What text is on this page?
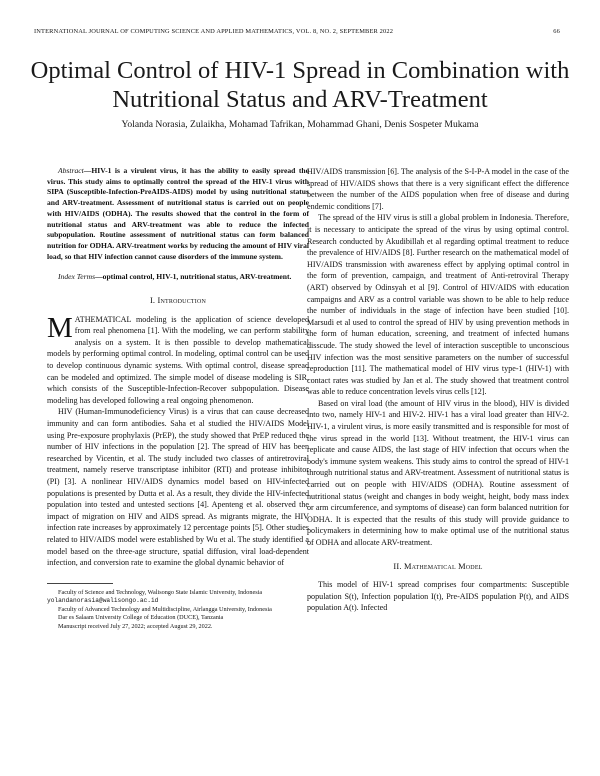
INTERNATIONAL JOURNAL OF COMPUTING SCIENCE AND APPLIED MATHEMATICS, VOL. 8, NO. 2, SEPTEMBER 2022	66
Optimal Control of HIV-1 Spread in Combination with Nutritional Status and ARV-Treatment
Yolanda Norasia, Zulaikha, Mohamad Tafrikan, Mohammad Ghani, Denis Sospeter Mukama

Abstract—HIV-1 is a virulent virus, it has the ability to easily spread the virus. This study aims to optimally control the spread of the HIV-1 virus with SIPA (Susceptible-Infection-PreAIDS-AIDS) model by using nutritional status and ARV-treatment. Assessment of nutritional status is carried out on people with HIV/AIDS (ODHA). The results showed that the control in the form of nutritional status and ARV-treatment was able to reduce the infected subpopulation. Routine assessment of nutritional status can form balanced nutrition for ODHA. ARV-treatment works by reducing the amount of HIV viral load, so that HIV infection cannot cause disorders of the immune system.

Index Terms—optimal control, HIV-1, nutritional status, ARV-treatment.

I. Introduction

MATHEMATICAL modeling is the application of science developed from real phenomena [1]. With the modeling, we can perform stability analysis on a system. It is then possible to develop mathematical models by performing optimal control. In modeling, optimal control can be used to develop continuous dynamic systems. With optimal control, disease spread can be modeled and optimized. The simple model of disease modeling is SIR, which consists of the Susceptible-Infection-Recover subpopulation. Disease modeling has developed following a real ongoing phenomenon.

HIV (Human-Immunodeficiency Virus) is a virus that can cause decreased immunity and can form antibodies. Saha et al studied the HIV/AIDS Model using Pre-exposure prophylaxis (PrEP), the study showed that PrEP reduced the number of HIV infections in the population [2]. The spread of HIV has been researched by Vicentin, et al. The study included two classes of antiretroviral treatment, namely reserve transcriptase inhibitor (RTI) and protease inhibitor (PI) [3]. A nonlinear HIV/AIDS dynamics model based on HIV-infected populations is presented by Dutta et al. As a result, they divide the HIV-infected population into tested and untested sections [4]. Apenteng et al. observed the impact of migration on HIV and AIDS spread. As migrants migrate, the HIV infection rate increases by approximately 12 percentage points [5]. Other studies related to HIV/AIDS model were established by Wu et al. The study identified a model based on the three-age structure, spatial diffusion, viral load-dependent infection, and conversion rate to examine the global dynamic behavior of

Faculty of Science and Technology, Walisongo State Islamic University, Indonesia yolandanorasia@walisongo.ac.id

Faculty of Advanced Technology and Multidiscipline, Airlangga University, Indonesia

Dar es Salaam University College of Education (DUCE), Tanzania

Manuscript received July 27, 2022; accepted August 29, 2022.

HIV/AIDS transmission [6]. The analysis of the S-I-P-A model in the case of the spread of HIV/AIDS shows that there is a very significant effect the difference between the number of the AIDS population when free of disease and during endemic conditions [7].

The spread of the HIV virus is still a global problem in Indonesia. Therefore, it is necessary to anticipate the spread of the virus by using optimal control. Research conducted by Akudibillah et al regarding optimal treatment to reduce the prevalence of HIV/AIDS [8]. Further research on the mathematical model of HIV/AIDS transmission with awareness effect by applying optimal control in the form of prevention, campaign, and treatment of Anti-retroviral Therapy (ART) observed by Odinsyah et al [9]. Control of HIV/AIDS with education campaigns and ARV as a control variable was shown to be able to help reduce the number of individuals in the stage of infection have been studied [10]. Marsudi et al used to control the spread of HIV by using prevention methods in the form of human education, screening, and treatment of infected humans disscude. The study showed the level of interaction susceptible to unconscious HIV infection was the most sensitive parameters on the number of successful reproduction [11]. The mathematical model of HIV virus type-1 (HIV-1) with contact rates was studied by Jan et al. The study showed that treatment control was able to reduce concentration levels virus cells [12].

Based on viral load (the amount of HIV virus in the blood), HIV is divided into two, namely HIV-1 and HIV-2. HIV-1 has a viral load greater than HIV-2. HIV-1, a virulent virus, is more easily transmitted and is responsible for most of the virus spread in the world [13]. Without treatment, the HIV-1 virus can replicate and cause AIDS, the last stage of HIV infection that occurs when the body's immune system weakens. This study aims to control the spread of HIV-1 through nutritional status and ARV-treatment. Assessment of nutritional status is carried out on people with HIV/AIDS (ODHA). Routine assessment of nutritional status (weight and changes in body weight, height, body mass index or arm circumference, and symptoms of disease) can form balanced nutrition for ODHA. It is expected that the results of this study will provide guidance to policymakers in determining how to make optimal use of the nutritional status of ODHA and allocate ARV-treatment.

II. Mathematical Model

This model of HIV-1 spread comprises four compartments: Susceptible population S(t), Infection population I(t), Pre-AIDS population P(t), and AIDS population A(t). Infected
